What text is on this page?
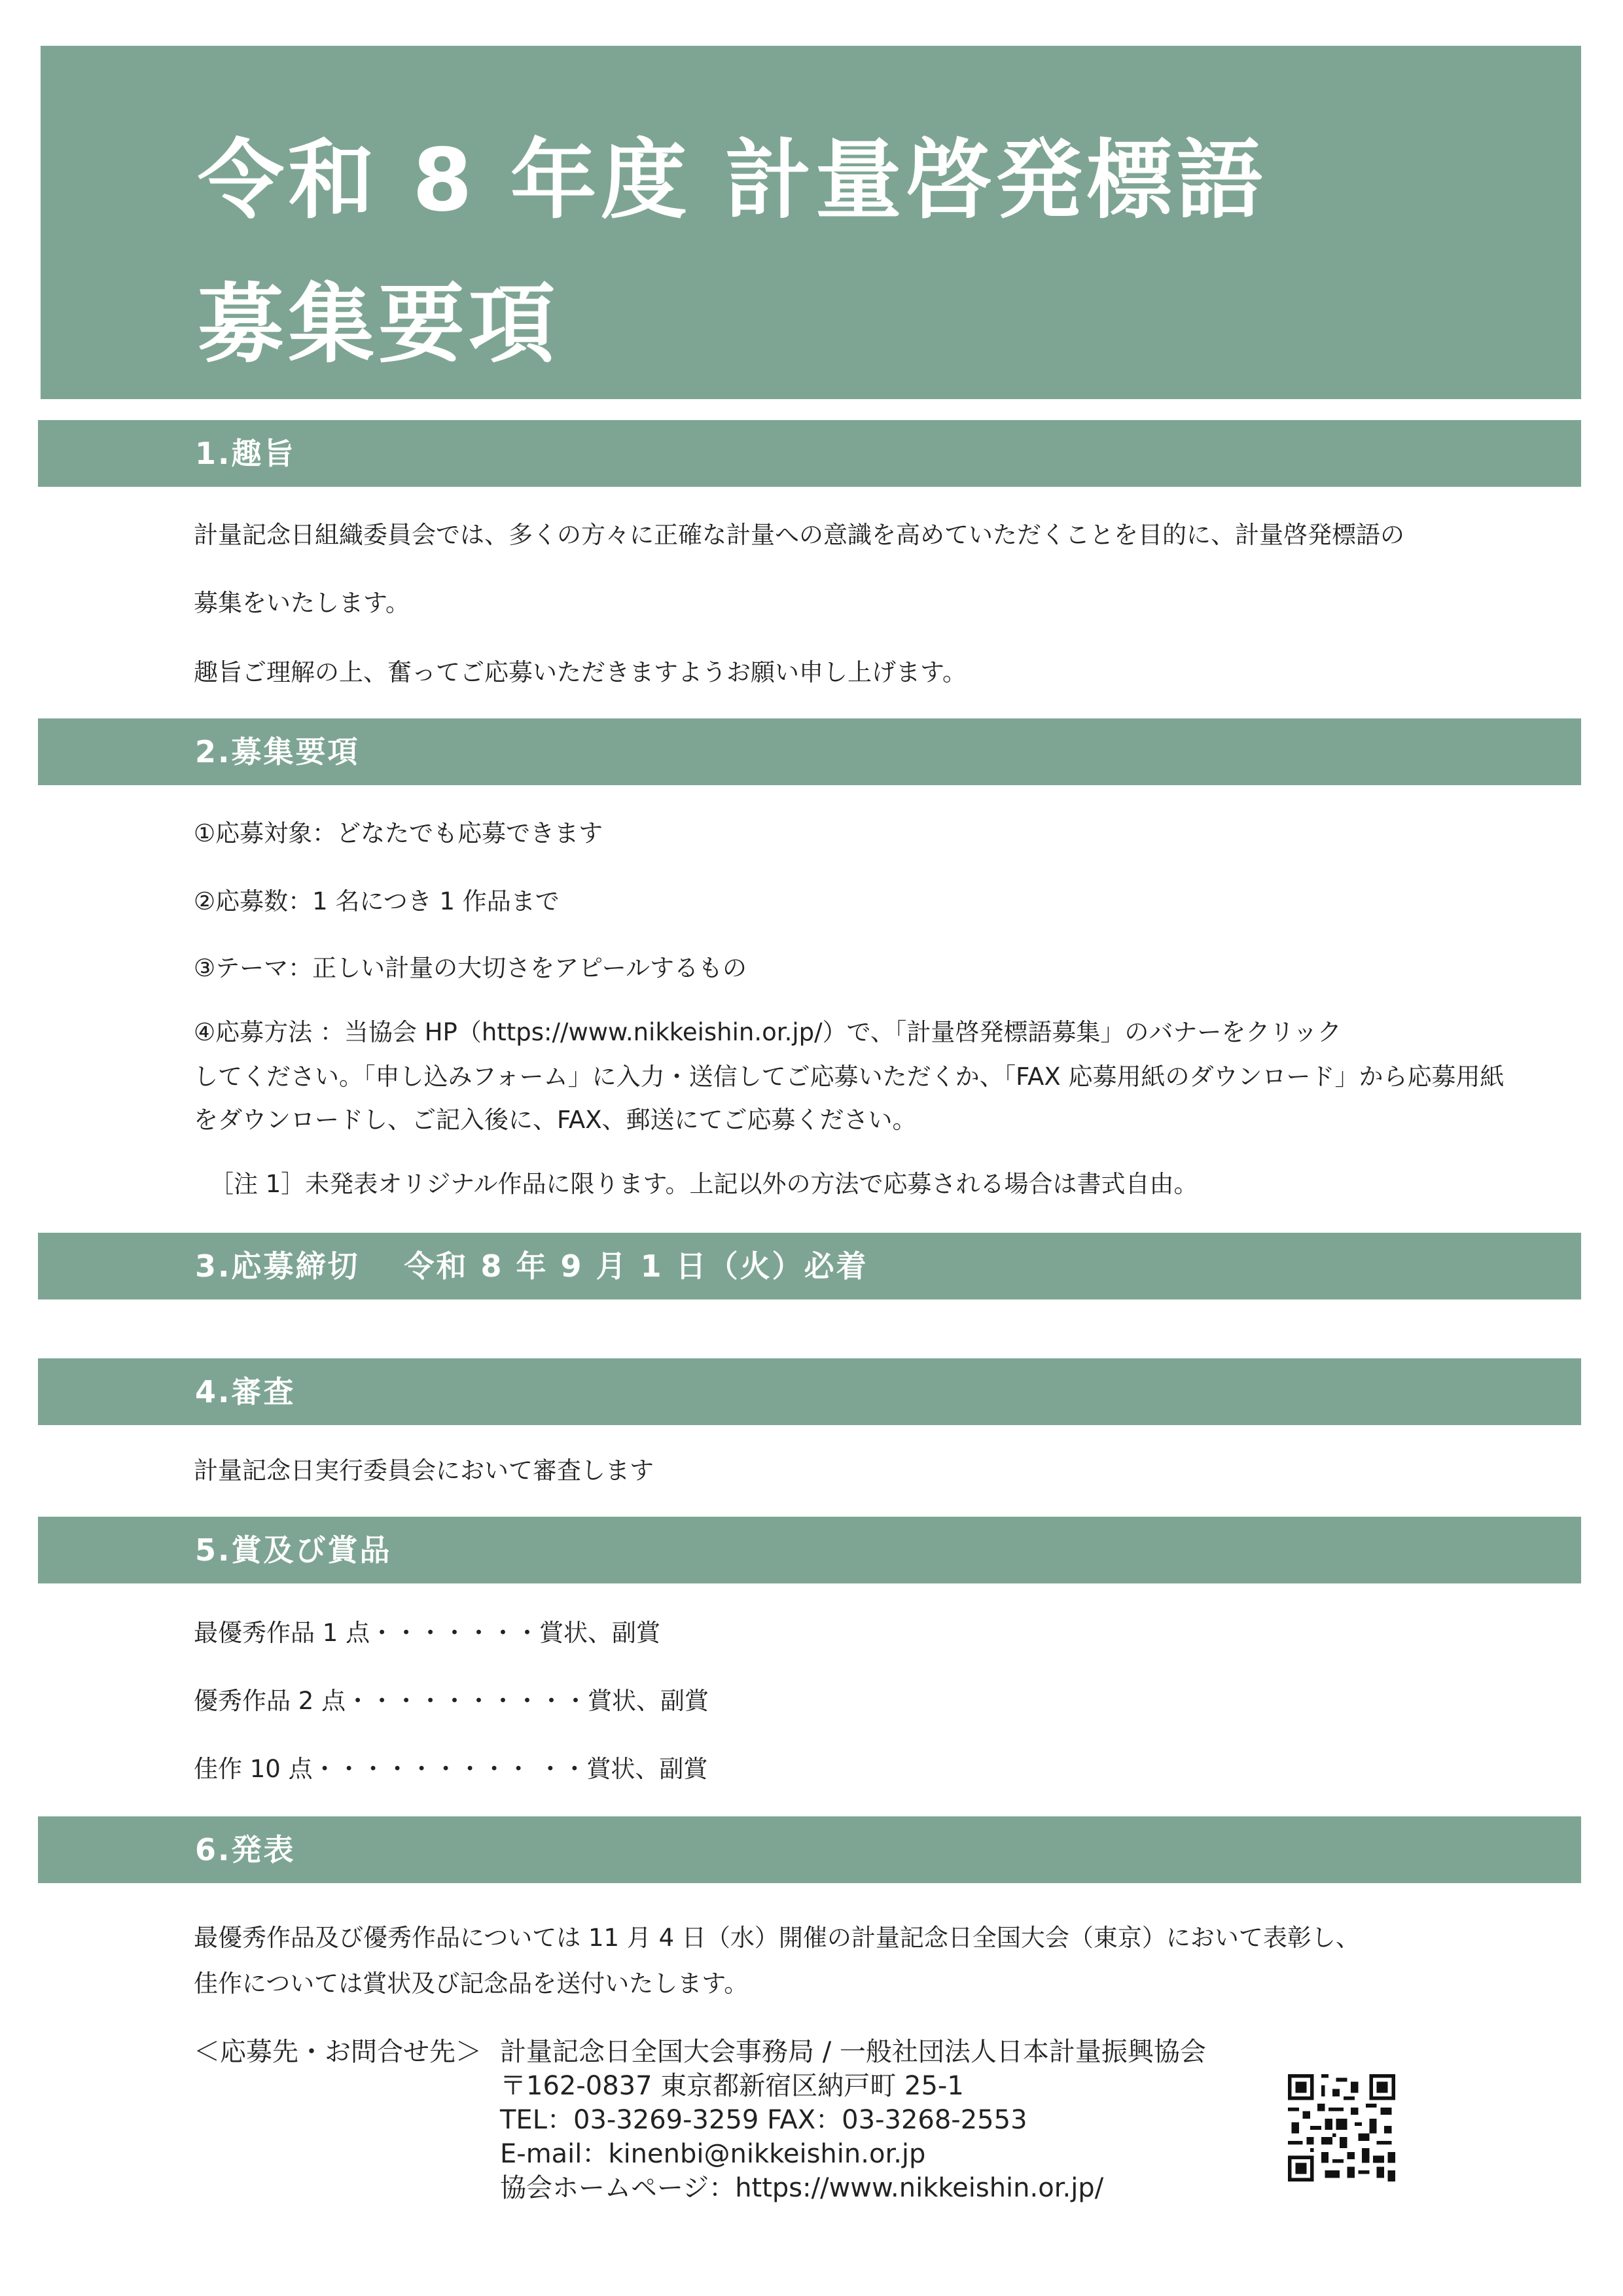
令和 8 年度 計量啓発標語
募集要項
1.趣旨
計量記念日組織委員会では、多くの方々に正確な計量への意識を高めていただくことを目的に、計量啓発標語の
募集をいたします。
趣旨ご理解の上、奮ってご応募いただきますようお願い申し上げます。
2.募集要項
①応募対象：どなたでも応募できます
②応募数：1 名につき 1 作品まで
③テーマ：正しい計量の大切さをアピールするもの
④応募方法 ：当協会 HP（https://www.nikkeishin.or.jp/）で、「計量啓発標語募集」のバナーをクリック
してください。「申し込みフォーム」に入力・送信してご応募いただくか、「FAX 応募用紙のダウンロード」から応募用紙
をダウンロードし、ご記入後に、FAX、郵送にてご応募ください。
［注 1］未発表オリジナル作品に限ります。上記以外の方法で応募される場合は書式自由。
3.応募締切　 令和 8 年 9 月 1 日（火）必着
4.審査
計量記念日実行委員会において審査します
5.賞及び賞品
最優秀作品 1 点・・・・・・・賞状、副賞
優秀作品 2 点・・・・・・・・・・賞状、副賞
佳作 10 点・・・・・・・・・ ・・賞状、副賞
6.発表
最優秀作品及び優秀作品については 11 月 4 日（水）開催の計量記念日全国大会（東京）において表彰し、
佳作については賞状及び記念品を送付いたします。
＜応募先・お問合せ先＞ 計量記念日全国大会事務局 / 一般社団法人日本計量振興協会
〒162-0837 東京都新宿区納戸町 25-1
TEL：03-3269-3259 FAX：03-3268-2553
E-mail：kinenbi@nikkeishin.or.jp
協会ホームページ：https://www.nikkeishin.or.jp/
